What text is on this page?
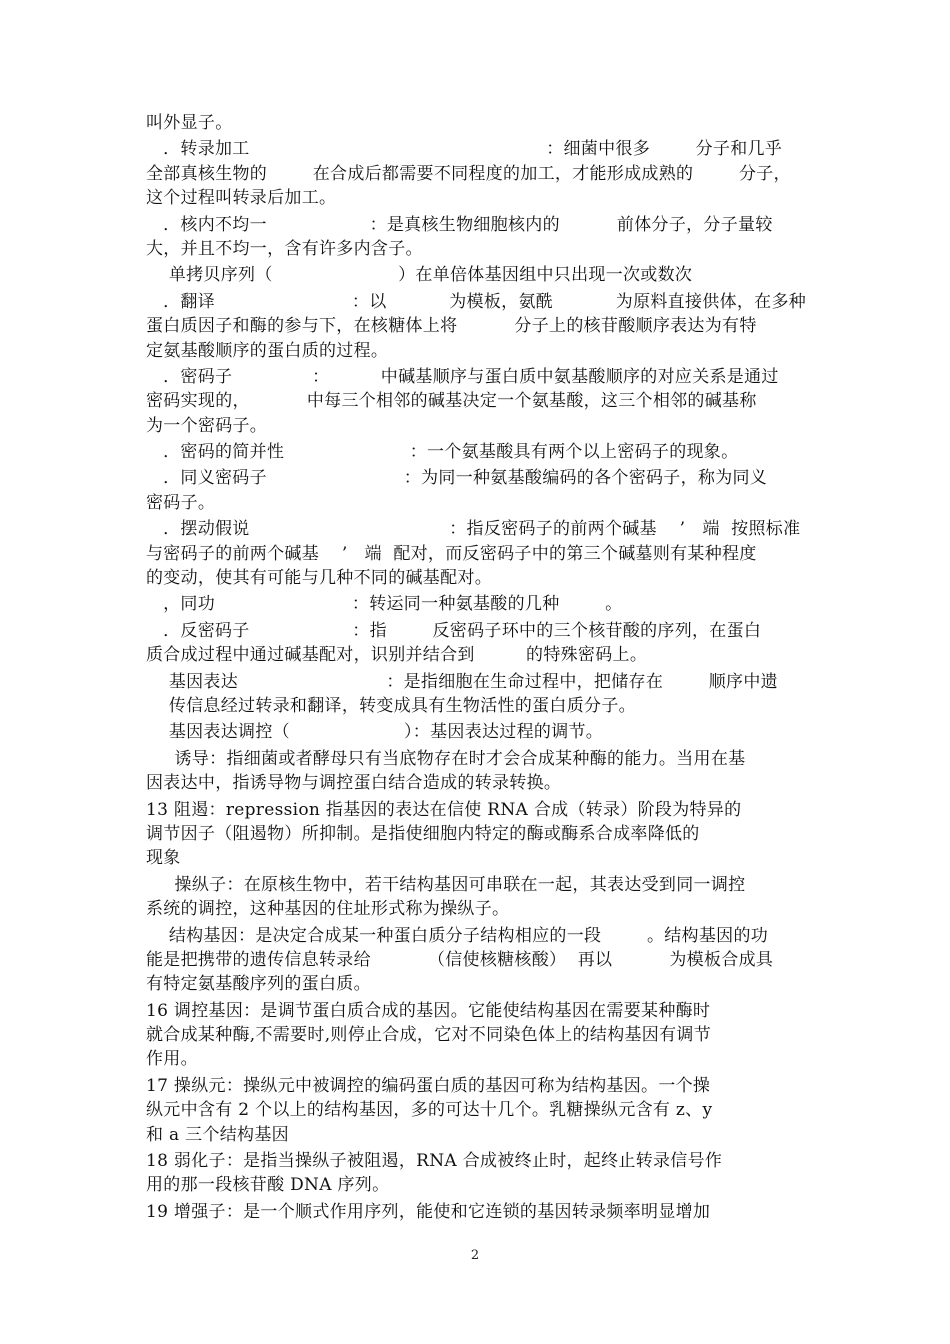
叫外显子。
．转录加工                                                    ：细菌中很多        分子和几乎
全部真核生物的        在合成后都需要不同程度的加工，才能形成成熟的        分子，
这个过程叫转录后加工。
．核内不均一                  ：是真核生物细胞核内的          前体分子，分子量较
大，并且不均一，含有许多内含子。
单拷贝序列（                      ）在单倍体基因组中只出现一次或数次
．翻译                        ：以           为模板，氨酰           为原料直接供体，在多种
蛋白质因子和酶的参与下，在核糖体上将          分子上的核苷酸顺序表达为有特
定氨基酸顺序的蛋白质的过程。
．密码子              ：         中碱基顺序与蛋白质中氨基酸顺序的对应关系是通过
密码实现的，          中每三个相邻的碱基决定一个氨基酸，这三个相邻的碱基称
为一个密码子。
．密码的简并性                      ：一个氨基酸具有两个以上密码子的现象。
．同义密码子                        ：为同一种氨基酸编码的各个密码子，称为同义
密码子。
．摆动假说                                   ：指反密码子的前两个碱基    ’   端  按照标准
与密码子的前两个碱基    ’   端  配对，而反密码子中的第三个碱墓则有某种程度
的变动，使其有可能与几种不同的碱基配对。
，同功                        ：转运同一种氨基酸的几种        。
．反密码子                  ：指        反密码子环中的三个核苷酸的序列，在蛋白
质合成过程中通过碱基配对，识别并结合到         的特殊密码上。
基因表达                          ：是指细胞在生命过程中，把储存在        顺序中遗
传信息经过转录和翻译，转变成具有生物活性的蛋白质分子。
基因表达调控（                    ）：基因表达过程的调节。
诱导：指细菌或者酵母只有当底物存在时才会合成某种酶的能力。当用在基
因表达中，指诱导物与调控蛋白结合造成的转录转换。
13 阻遏：repression 指基因的表达在信使 RNA 合成（转录）阶段为特异的
调节因子（阻遏物）所抑制。是指使细胞内特定的酶或酶系合成率降低的
现象
操纵子：在原核生物中，若干结构基因可串联在一起，其表达受到同一调控
系统的调控，这种基因的住址形式称为操纵子。
结构基因：是决定合成某一种蛋白质分子结构相应的一段        。结构基因的功
能是把携带的遗传信息转录给          （信使核糖核酸）  再以          为模板合成具
有特定氨基酸序列的蛋白质。
16 调控基因：是调节蛋白质合成的基因。它能使结构基因在需要某种酶时
就合成某种酶,不需要时,则停止合成，它对不同染色体上的结构基因有调节
作用。
17 操纵元：操纵元中被调控的编码蛋白质的基因可称为结构基因。一个操
纵元中含有 2 个以上的结构基因，多的可达十几个。乳糖操纵元含有 z、y
和 a 三个结构基因
18 弱化子：是指当操纵子被阻遏，RNA 合成被终止时，起终止转录信号作
用的那一段核苷酸 DNA 序列。
19 增强子：是一个顺式作用序列，能使和它连锁的基因转录频率明显增加
2
